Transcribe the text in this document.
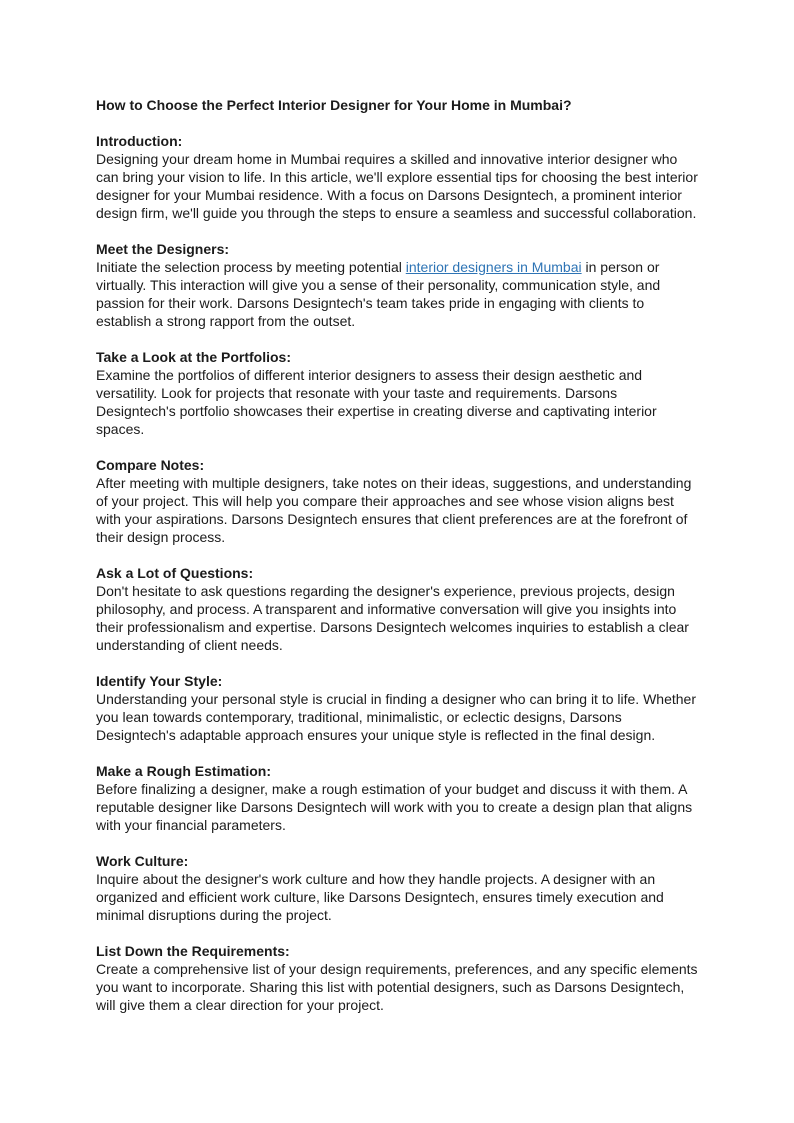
How to Choose the Perfect Interior Designer for Your Home in Mumbai?

Introduction:

Designing your dream home in Mumbai requires a skilled and innovative interior designer who can bring your vision to life. In this article, we'll explore essential tips for choosing the best interior designer for your Mumbai residence. With a focus on Darsons Designtech, a prominent interior design firm, we'll guide you through the steps to ensure a seamless and successful collaboration.

Meet the Designers:

Initiate the selection process by meeting potential interior designers in Mumbai in person or virtually. This interaction will give you a sense of their personality, communication style, and passion for their work. Darsons Designtech's team takes pride in engaging with clients to establish a strong rapport from the outset.

Take a Look at the Portfolios:

Examine the portfolios of different interior designers to assess their design aesthetic and versatility. Look for projects that resonate with your taste and requirements. Darsons Designtech's portfolio showcases their expertise in creating diverse and captivating interior spaces.

Compare Notes:

After meeting with multiple designers, take notes on their ideas, suggestions, and understanding of your project. This will help you compare their approaches and see whose vision aligns best with your aspirations. Darsons Designtech ensures that client preferences are at the forefront of their design process.

Ask a Lot of Questions:

Don't hesitate to ask questions regarding the designer's experience, previous projects, design philosophy, and process. A transparent and informative conversation will give you insights into their professionalism and expertise. Darsons Designtech welcomes inquiries to establish a clear understanding of client needs.

Identify Your Style:

Understanding your personal style is crucial in finding a designer who can bring it to life. Whether you lean towards contemporary, traditional, minimalistic, or eclectic designs, Darsons Designtech's adaptable approach ensures your unique style is reflected in the final design.

Make a Rough Estimation:

Before finalizing a designer, make a rough estimation of your budget and discuss it with them. A reputable designer like Darsons Designtech will work with you to create a design plan that aligns with your financial parameters.

Work Culture:

Inquire about the designer's work culture and how they handle projects. A designer with an organized and efficient work culture, like Darsons Designtech, ensures timely execution and minimal disruptions during the project.

List Down the Requirements:

Create a comprehensive list of your design requirements, preferences, and any specific elements you want to incorporate. Sharing this list with potential designers, such as Darsons Designtech, will give them a clear direction for your project.
